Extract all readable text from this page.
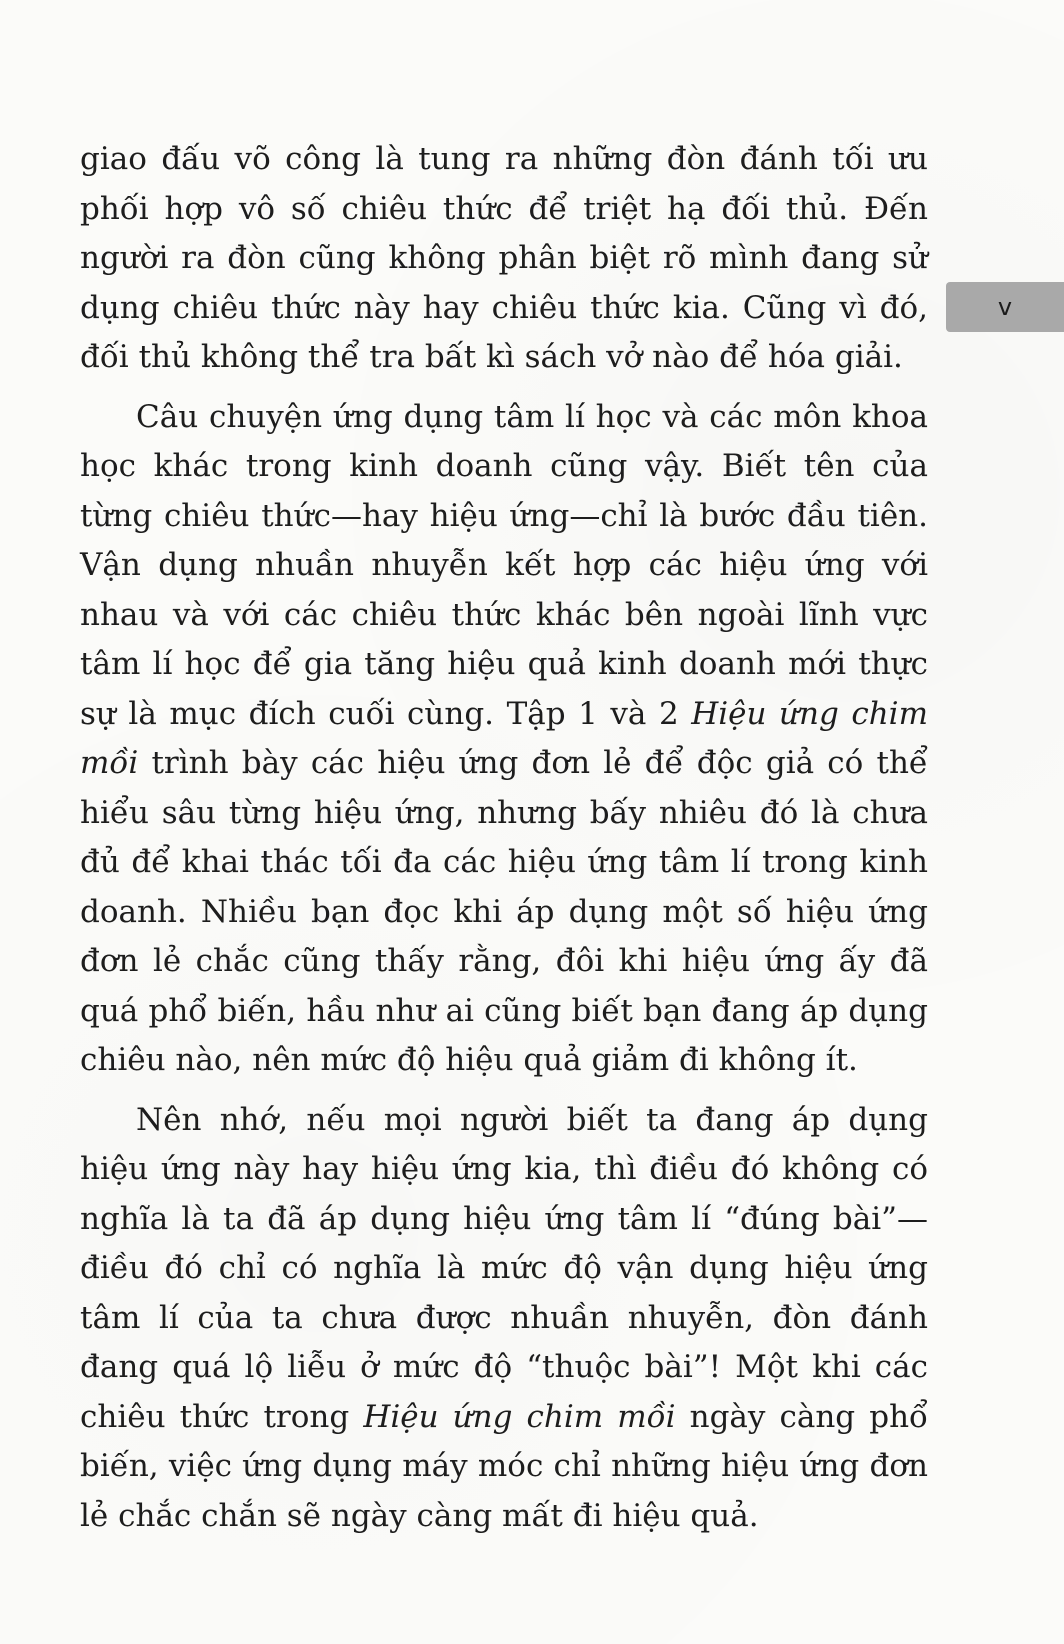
giao đấu võ công là tung ra những đòn đánh tối ưu phối hợp vô số chiêu thức để triệt hạ đối thủ. Đến người ra đòn cũng không phân biệt rõ mình đang sử dụng chiêu thức này hay chiêu thức kia. Cũng vì đó, đối thủ không thể tra bất kì sách vở nào để hóa giải.

Câu chuyện ứng dụng tâm lí học và các môn khoa học khác trong kinh doanh cũng vậy. Biết tên của từng chiêu thức—hay hiệu ứng—chỉ là bước đầu tiên. Vận dụng nhuần nhuyễn kết hợp các hiệu ứng với nhau và với các chiêu thức khác bên ngoài lĩnh vực tâm lí học để gia tăng hiệu quả kinh doanh mới thực sự là mục đích cuối cùng. Tập 1 và 2 Hiệu ứng chim mồi trình bày các hiệu ứng đơn lẻ để độc giả có thể hiểu sâu từng hiệu ứng, nhưng bấy nhiêu đó là chưa đủ để khai thác tối đa các hiệu ứng tâm lí trong kinh doanh. Nhiều bạn đọc khi áp dụng một số hiệu ứng đơn lẻ chắc cũng thấy rằng, đôi khi hiệu ứng ấy đã quá phổ biến, hầu như ai cũng biết bạn đang áp dụng chiêu nào, nên mức độ hiệu quả giảm đi không ít.

Nên nhớ, nếu mọi người biết ta đang áp dụng hiệu ứng này hay hiệu ứng kia, thì điều đó không có nghĩa là ta đã áp dụng hiệu ứng tâm lí “đúng bài”—điều đó chỉ có nghĩa là mức độ vận dụng hiệu ứng tâm lí của ta chưa được nhuần nhuyễn, đòn đánh đang quá lộ liễu ở mức độ “thuộc bài”! Một khi các chiêu thức trong Hiệu ứng chim mồi ngày càng phổ biến, việc ứng dụng máy móc chỉ những hiệu ứng đơn lẻ chắc chắn sẽ ngày càng mất đi hiệu quả.

v
